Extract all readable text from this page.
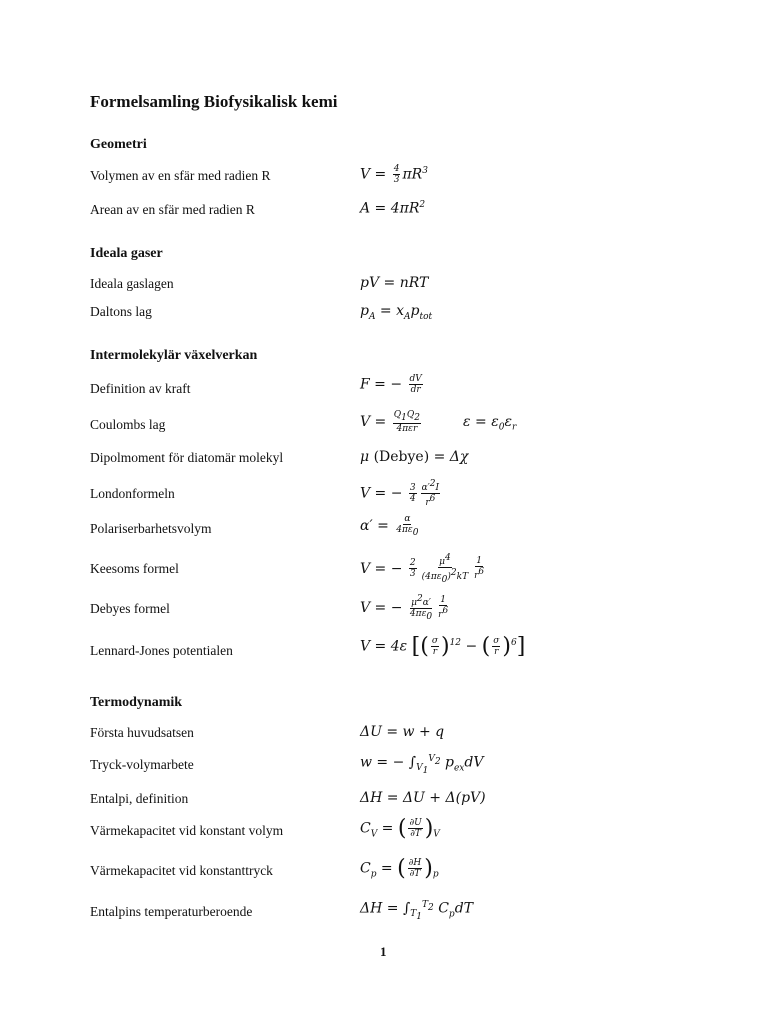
Formelsamling Biofysikalisk kemi
Geometri
Volymen av en sfär med radien R	$V = \frac{4}{3} \pi R^3$
Arean av en sfär med radien R	$A = 4\pi R^2$
Ideala gaser
Ideala gaslagen	pV = nRT
Daltons lag	$p_A = x_Ap_{tot}$
Intermolekylär växelverkan
Definition av kraft	F = − $\frac{dV}{dr}$
Coulombs lag	$V = \frac{Q_1Q_2}{\text{4πεr}}$ $\varepsilon = \varepsilon_0\varepsilon_r$
Dipolmoment för diatomär molekyl	μ (Debye) = Δχ
Londonformeln	V = − $\frac{3}{4} \frac{\alpha'^2I}{r^6}$
Polariserbarhetsvolym	$\alpha' = \frac{\alpha}{4\pi\varepsilon_0}$
Keesoms formel	V = − $\frac{2}{3} \frac{\mu^4}{(4\pi\varepsilon_0)^2kT} \frac{1}{r^6}$
Debyes formel	V = − $\frac{\mu^2\alpha'}{4\pi\varepsilon_0} \frac{1}{r^6}$
Lennard-Jones potentialen	V = 4ε [( $\frac{\sigma}{r} )^{12}$ − ( $\frac{\sigma}{r} )^6$]
Termodynamik
Första huvudsatsen	ΔU = w + q
Tryck-volymarbete	w = − $\int_{V_1}^{V_2}$ $p_{ex}dV$
Entalpi, definition	ΔH = ΔU + Δ(pV)
Värmekapacitet vid konstant volym	$C_V$ = ( $\frac{\partial U}{\partial T} )_V$
Värmekapacitet vid konstanttryck	$C_p$ = ( $\frac{\partial H}{\partial T} )_p$
Entalpins temperaturberoende	$\Delta H = \int_{T_1}^{T_2}$ $C_pdT$
1
